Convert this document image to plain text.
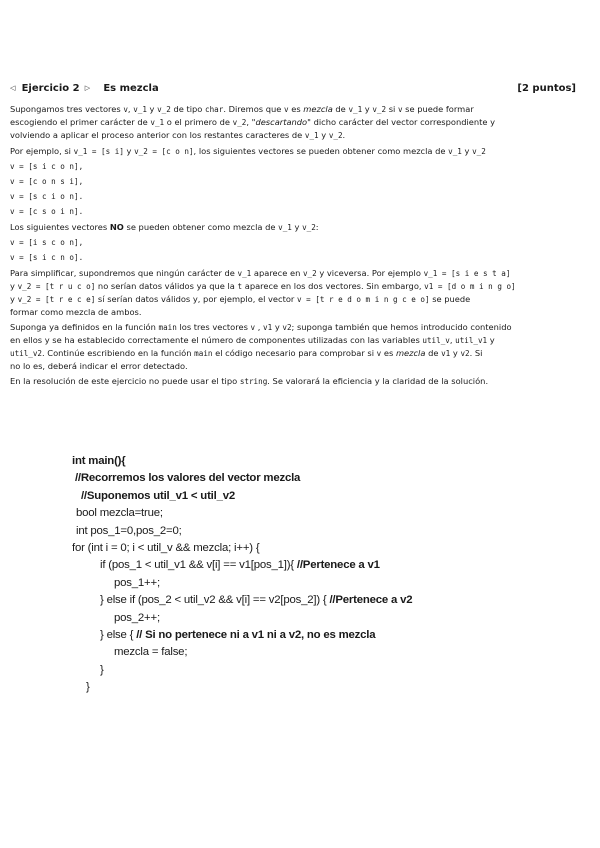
◁ Ejercicio 2 ▷ Es mezcla	[2 puntos]
Supongamos tres vectores v, v_1 y v_2 de tipo char. Diremos que v es mezcla de v_1 y v_2 si v se puede formar
escogiendo el primer carácter de v_1 o el primero de v_2, "descartando" dicho carácter del vector correspondiente y
volviendo a aplicar el proceso anterior con los restantes caracteres de v_1 y v_2.
Por ejemplo, si v_1 = [s i] y v_2 = [c o n], los siguientes vectores se pueden obtener como mezcla de v_1 y v_2
v = [s i c o n],
v = [c o n s i],
v = [s c i o n].
v = [c s o i n].
Los siguientes vectores NO se pueden obtener como mezcla de v_1 y v_2:
v = [i s c o n],
v = [s i c n o].
Para simplificar, supondremos que ningún carácter de v_1 aparece en v_2 y viceversa. Por ejemplo v_1 = [s i e s t a]
y v_2 = [t r u c o] no serían datos válidos ya que la t aparece en los dos vectores. Sin embargo, v1 = [d o m i n g o]
y v_2 = [t r e c e] sí serían datos válidos y, por ejemplo, el vector v = [t r e d o m i n g c e o] se puede
formar como mezcla de ambos.
Suponga ya definidos en la función main los tres vectores v , v1 y v2; suponga también que hemos introducido contenido
en ellos y se ha establecido correctamente el número de componentes utilizadas con las variables util_v, util_v1 y
util_v2. Continúe escribiendo en la función main el código necesario para comprobar si v es mezcla de v1 y v2. Si
no lo es, deberá indicar el error detectado.
En la resolución de este ejercicio no puede usar el tipo string. Se valorará la eficiencia y la claridad de la solución.
int main(){
//Recorremos los valores del vector mezcla
//Suponemos util_v1 < util_v2
bool mezcla=true;
int pos_1=0,pos_2=0;
for (int i = 0; i < util_v && mezcla; i++) {
if (pos_1 < util_v1 && v[i] == v1[pos_1]){ //Pertenece a v1
pos_1++;
} else if (pos_2 < util_v2 && v[i] == v2[pos_2]) { //Pertenece a v2
pos_2++;
} else { // Si no pertenece ni a v1 ni a v2, no es mezcla
mezcla = false;
}
}
